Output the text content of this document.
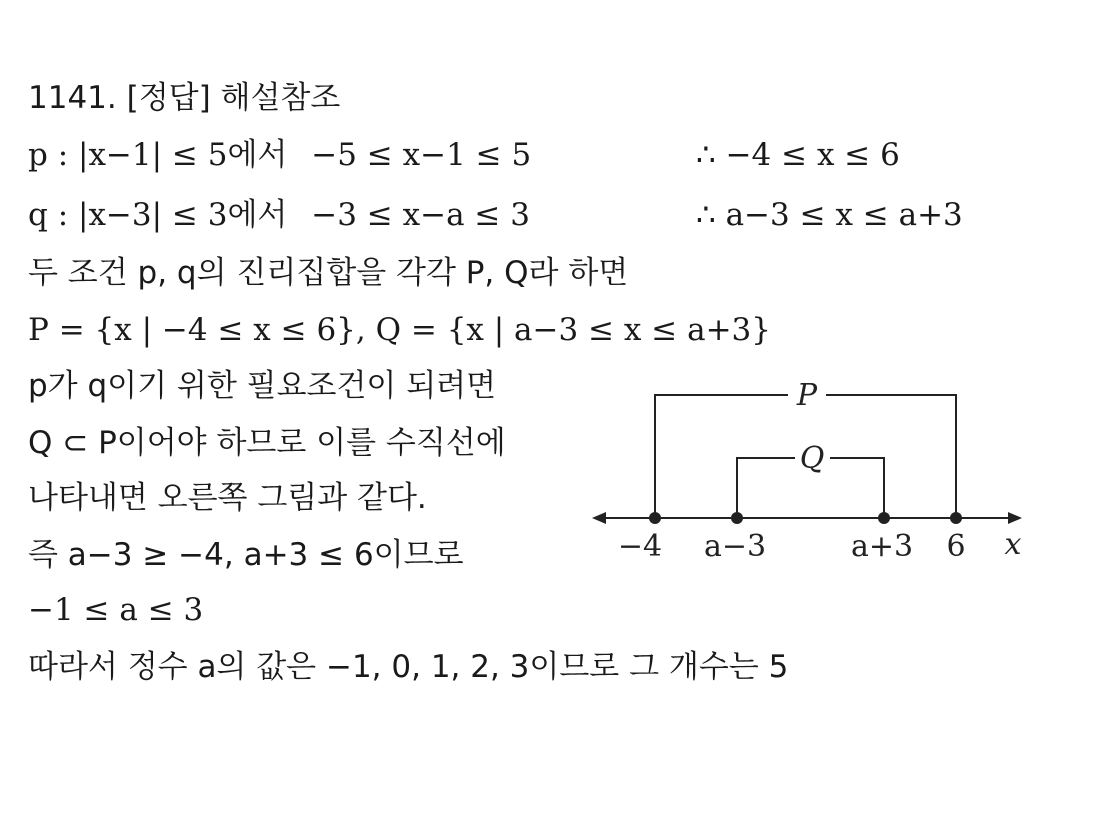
1141. [정답] 해설참조
p : |x−1| ≤ 5에서 −5 ≤ x−1 ≤ 5	∴ −4 ≤ x ≤ 6
q : |x−3| ≤ 3에서 −3 ≤ x−a ≤ 3	∴ a−3 ≤ x ≤ a+3
두 조건 p, q의 진리집합을 각각 P, Q라 하면
P = {x | −4 ≤ x ≤ 6}, Q = {x | a−3 ≤ x ≤ a+3}
p가 q이기 위한 필요조건이 되려면
Q ⊂ P이어야 하므로 이를 수직선에
나타내면 오른쪽 그림과 같다.
즉 a−3 ≥ −4, a+3 ≤ 6이므로
−1 ≤ a ≤ 3
따라서 정수 a의 값은 −1, 0, 1, 2, 3이므로 그 개수는 5
P
Q
−4 a−3	a+3 6 x
